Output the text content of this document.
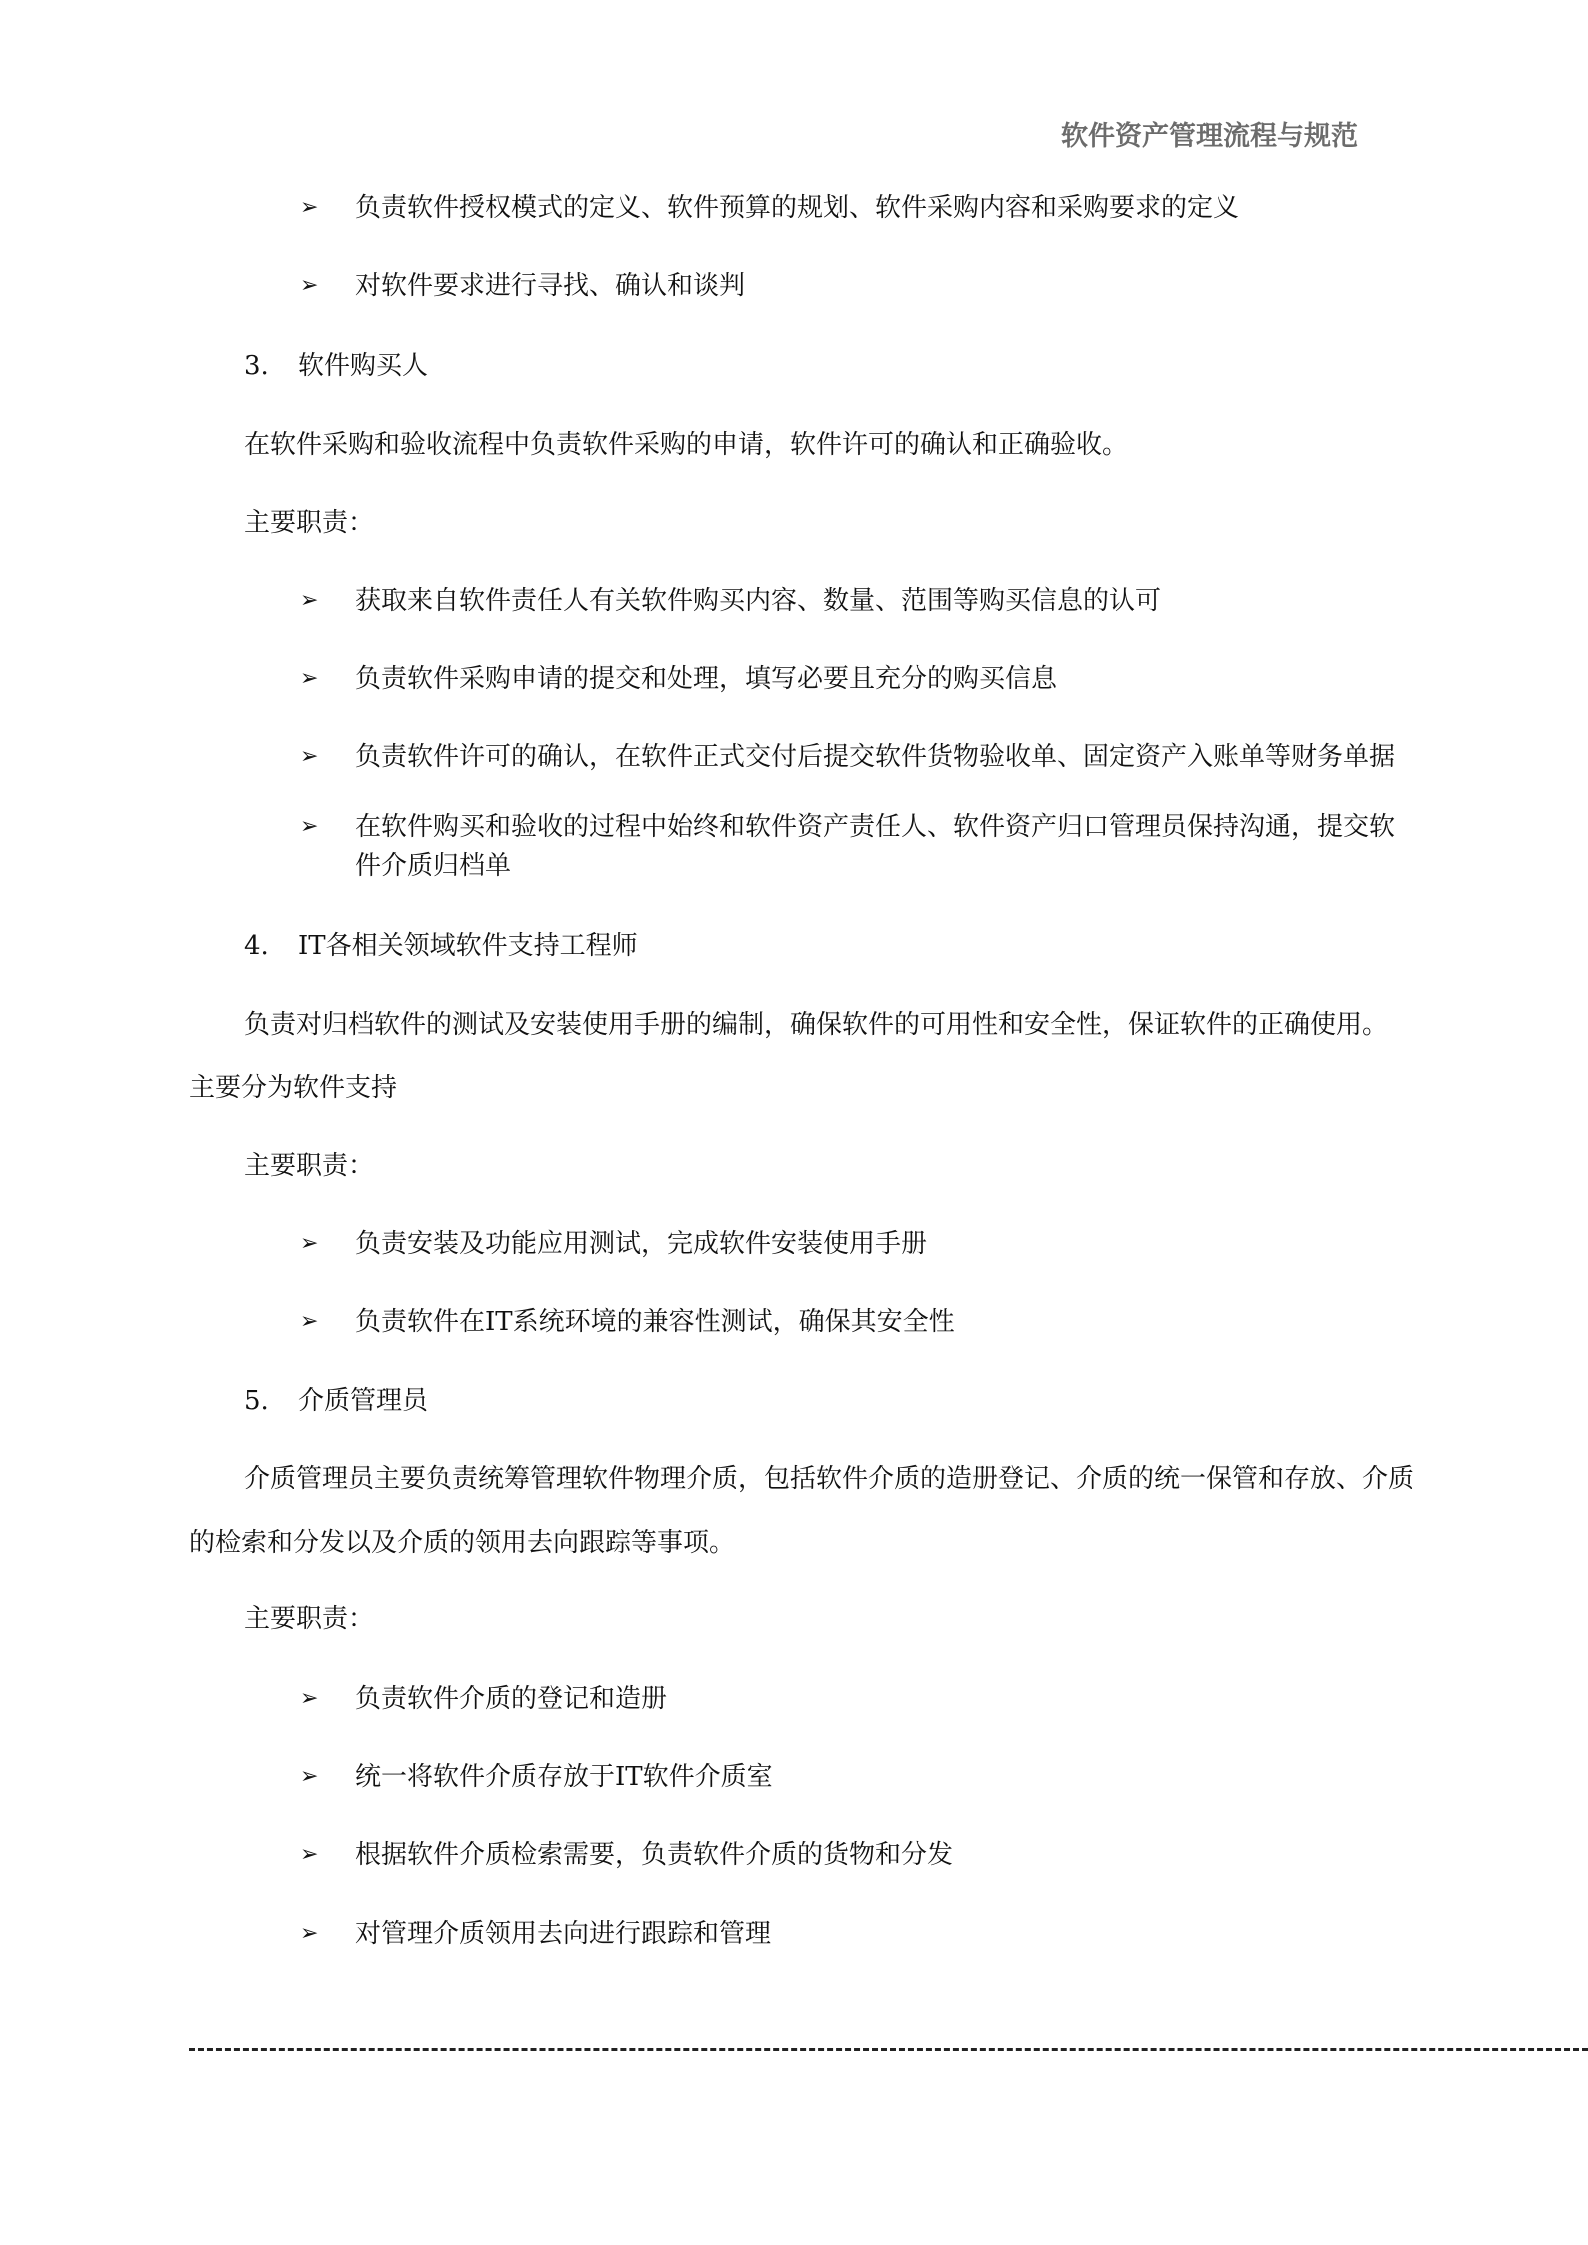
软件资产管理流程与规范
➢ 负责软件授权模式的定义、软件预算的规划、软件采购内容和采购要求的定义
➢ 对软件要求进行寻找、确认和谈判
3. 软件购买人
在软件采购和验收流程中负责软件采购的申请，软件许可的确认和正确验收。
主要职责：
➢ 获取来自软件责任人有关软件购买内容、数量、范围等购买信息的认可
➢ 负责软件采购申请的提交和处理，填写必要且充分的购买信息
➢ 负责软件许可的确认，在软件正式交付后提交软件货物验收单、固定资产入账单等财务单据
➢ 在软件购买和验收的过程中始终和软件资产责任人、软件资产归口管理员保持沟通，提交软
件介质归档单
4. IT各相关领域软件支持工程师
负责对归档软件的测试及安装使用手册的编制，确保软件的可用性和安全性，保证软件的正确使用。
主要分为软件支持
主要职责：
➢ 负责安装及功能应用测试，完成软件安装使用手册
➢ 负责软件在IT系统环境的兼容性测试，确保其安全性
5. 介质管理员
介质管理员主要负责统筹管理软件物理介质，包括软件介质的造册登记、介质的统一保管和存放、介质
的检索和分发以及介质的领用去向跟踪等事项。
主要职责：
➢ 负责软件介质的登记和造册
➢ 统一将软件介质存放于IT软件介质室
➢ 根据软件介质检索需要，负责软件介质的货物和分发
➢ 对管理介质领用去向进行跟踪和管理
